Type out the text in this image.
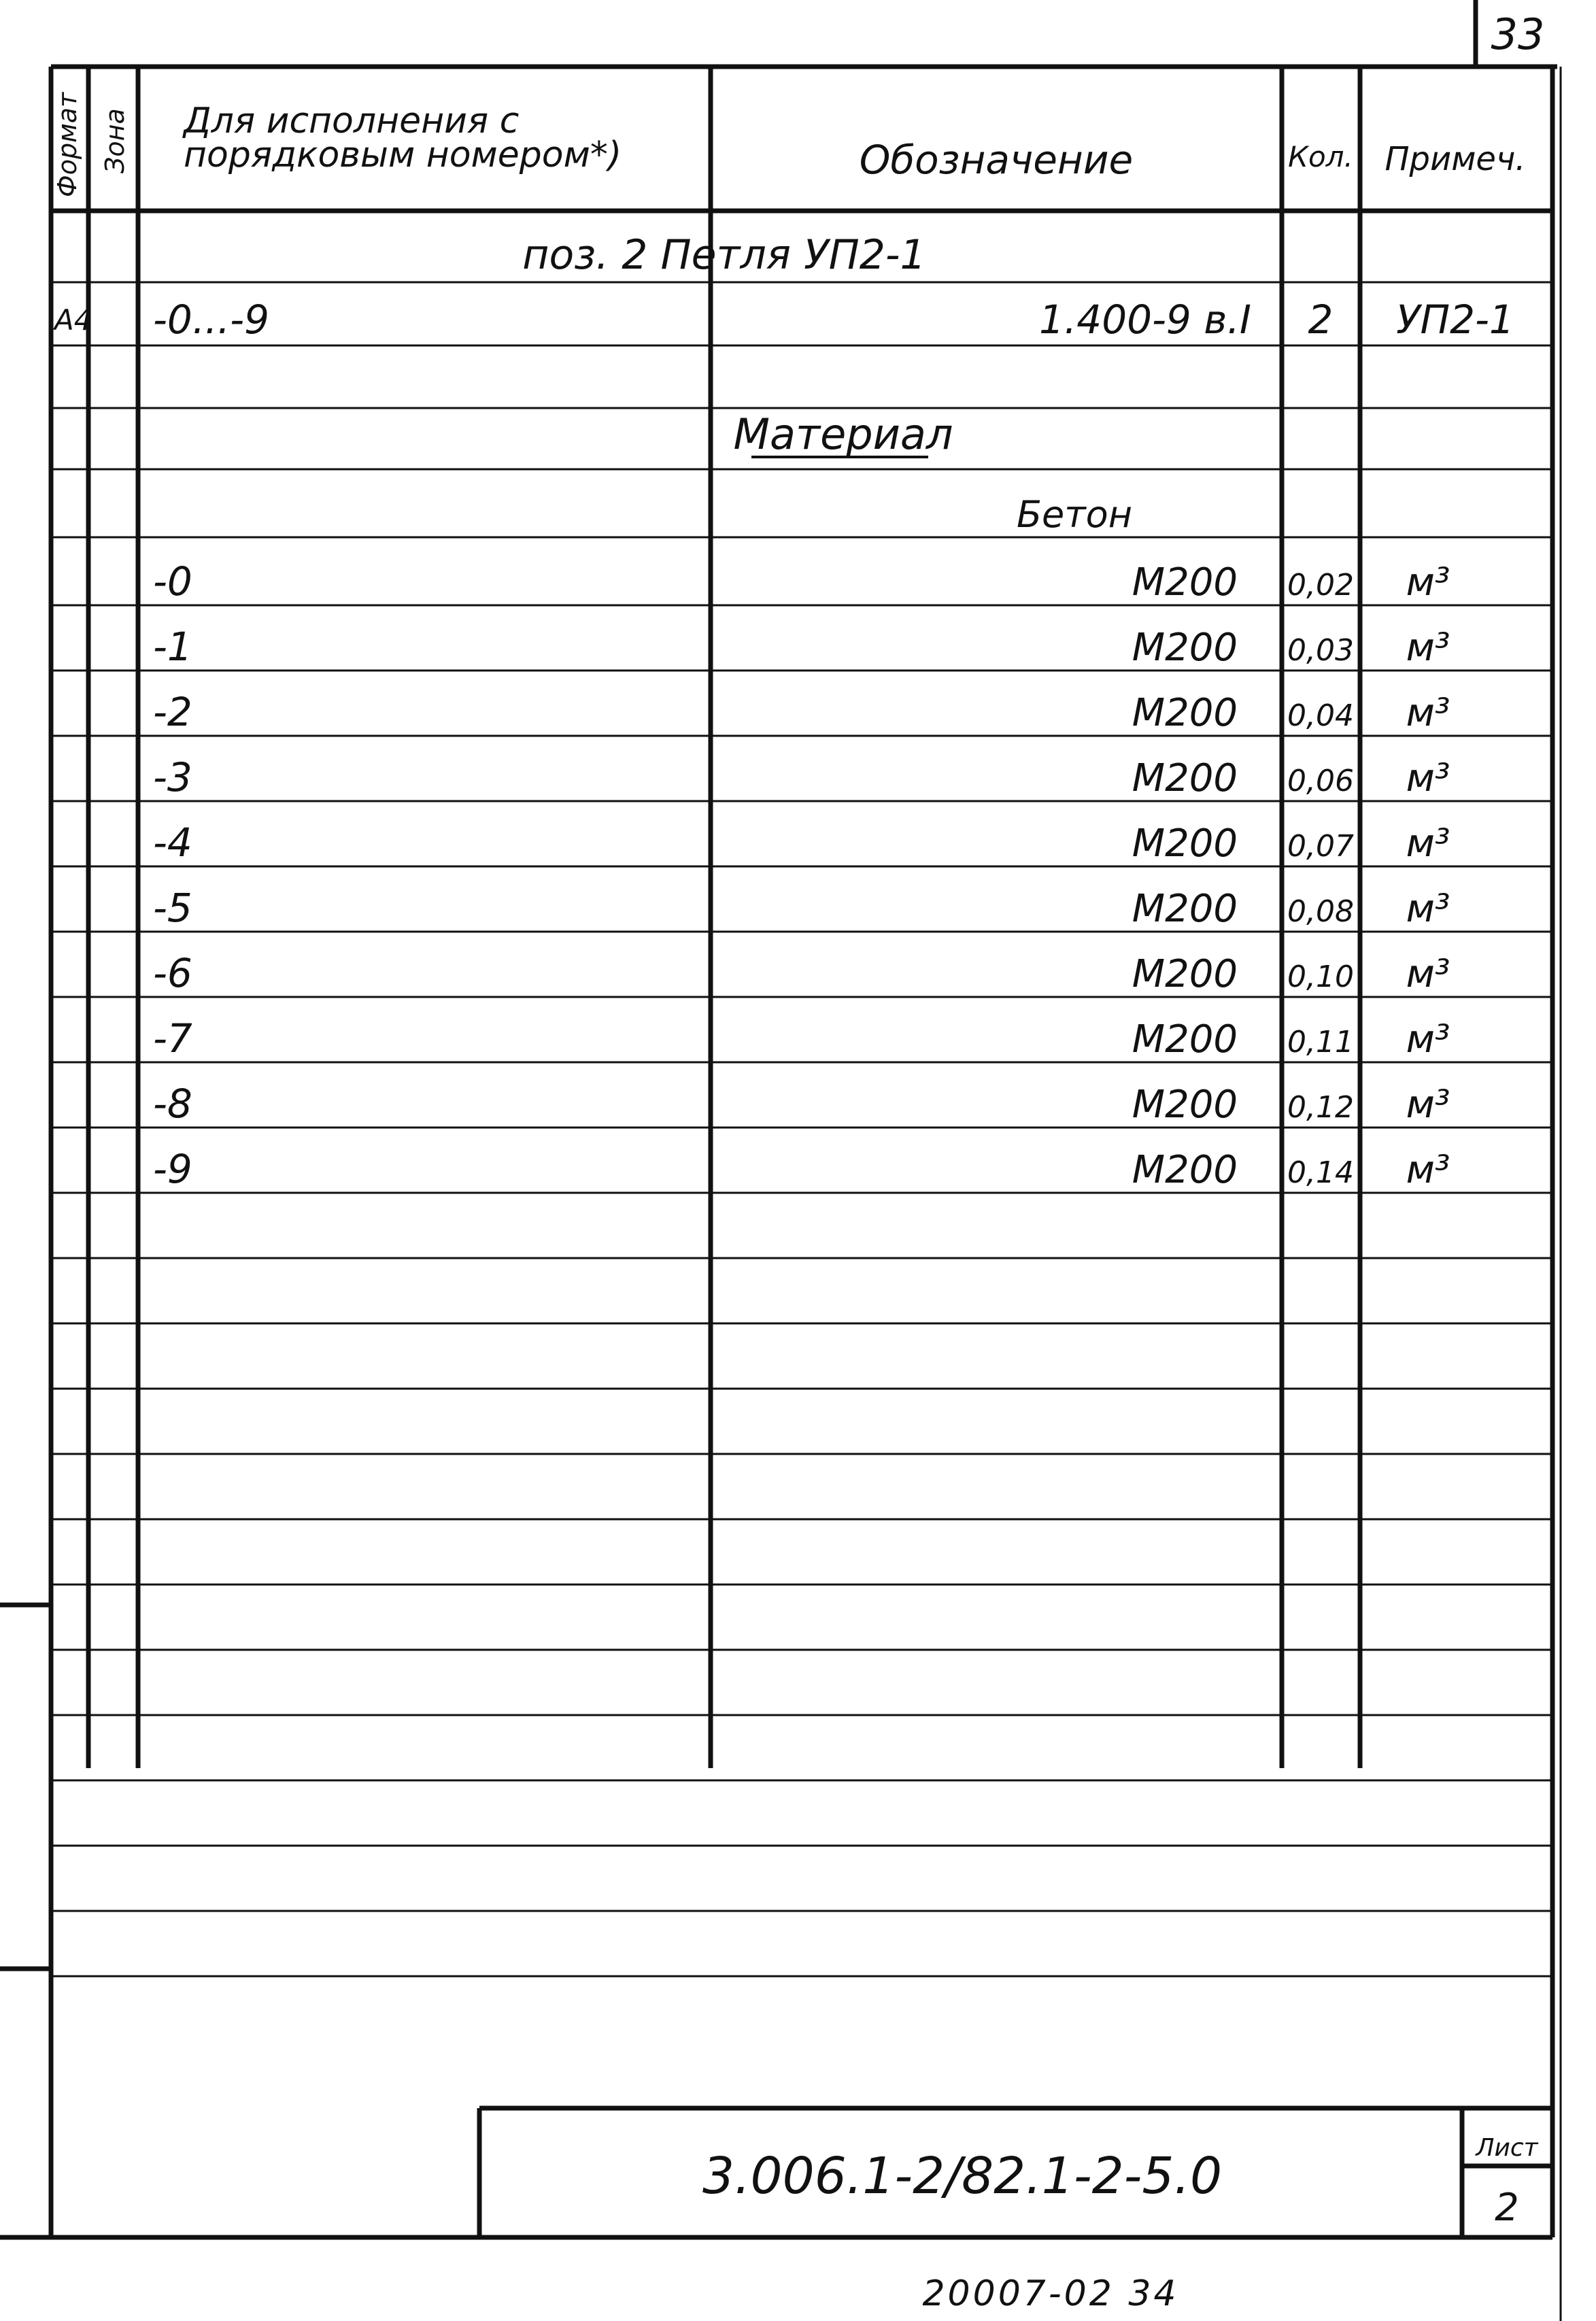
Формат Зона Для исполнения с
порядковым номером*)	Обозначение	Кол. Примеч.
поз. 2 Петля УП2-1
А4 -0...-9	1.400-9 в.I 2 УП2-1
Материал
Бетон
-0	М200 0,02 м³
-1	М200 0,03 м³
-2	М200 0,04 м³
-3	М200 0,06 м³
-4	М200 0,07 м³
-5	М200 0,08 м³
-6	М200 0,10 м³
-7	М200 0,11 м³
-8	М200 0,12 м³
-9	М200 0,14 м³
3.006.1-2/82.1-2-5.0	Лист
2
33
20007-02 34
